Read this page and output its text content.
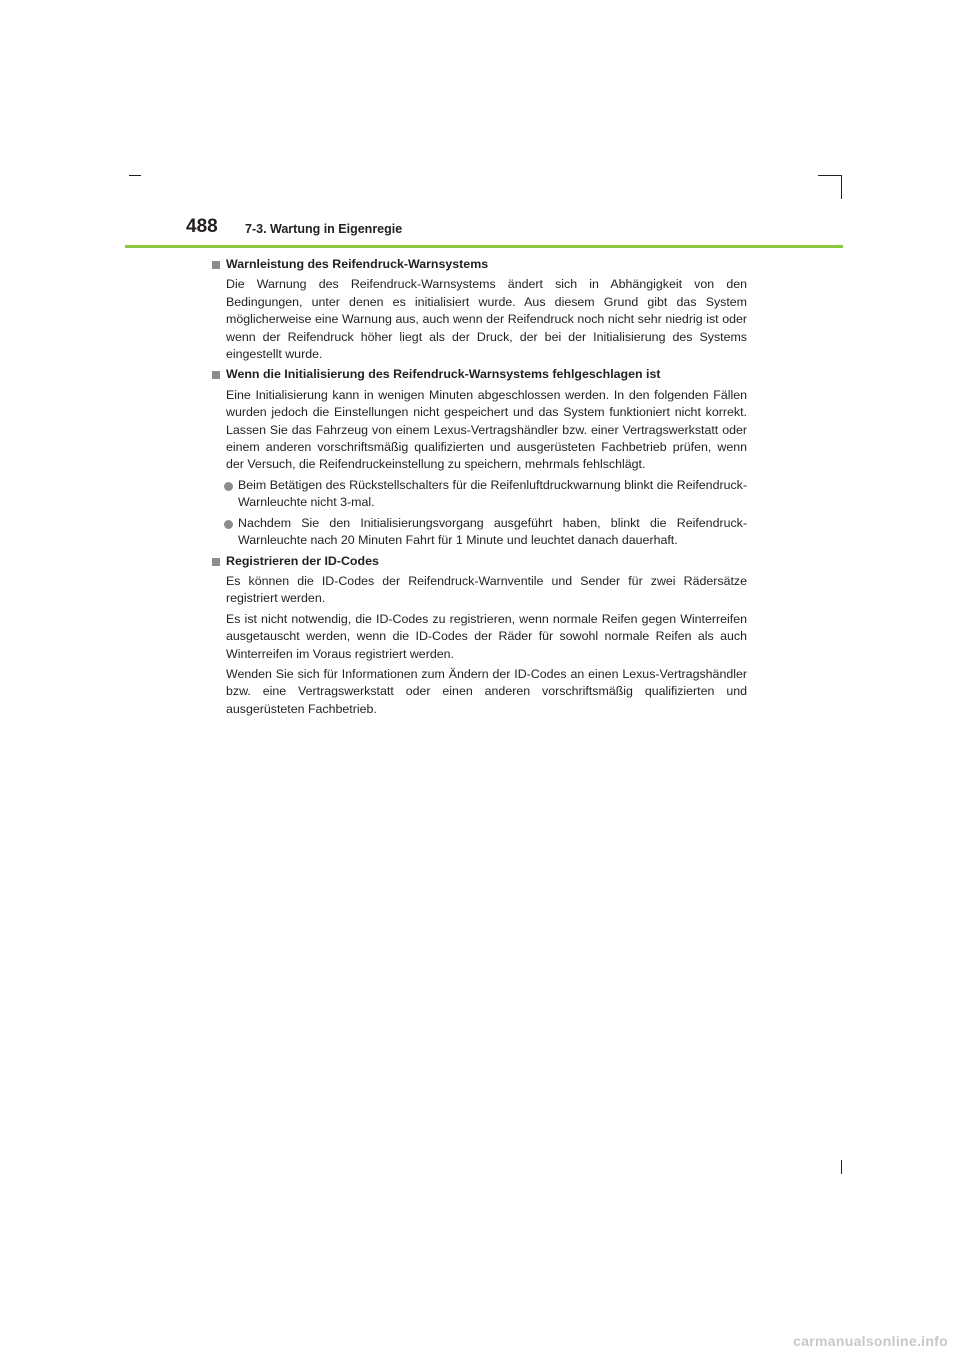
488 7-3. Wartung in Eigenregie
Warnleistung des Reifendruck-Warnsystems

Die Warnung des Reifendruck-Warnsystems ändert sich in Abhängigkeit von den Bedingungen, unter denen es initialisiert wurde. Aus diesem Grund gibt das System möglicherweise eine Warnung aus, auch wenn der Reifendruck noch nicht sehr niedrig ist oder wenn der Reifendruck höher liegt als der Druck, der bei der Initialisierung des Systems eingestellt wurde.

Wenn die Initialisierung des Reifendruck-Warnsystems fehlgeschlagen ist

Eine Initialisierung kann in wenigen Minuten abgeschlossen werden. In den folgenden Fällen wurden jedoch die Einstellungen nicht gespeichert und das System funktioniert nicht korrekt. Lassen Sie das Fahrzeug von einem Lexus-Vertragshändler bzw. einer Vertragswerkstatt oder einem anderen vorschriftsmäßig qualifizierten und ausgerüsteten Fachbetrieb prüfen, wenn der Versuch, die Reifendruckeinstellung zu speichern, mehrmals fehlschlägt.

Beim Betätigen des Rückstellschalters für die Reifenluftdruckwarnung blinkt die Reifendruck-Warnleuchte nicht 3-mal.
Nachdem Sie den Initialisierungsvorgang ausgeführt haben, blinkt die Reifendruck-Warnleuchte nach 20 Minuten Fahrt für 1 Minute und leuchtet danach dauerhaft.
Registrieren der ID-Codes

Es können die ID-Codes der Reifendruck-Warnventile und Sender für zwei Rädersätze registriert werden.

Es ist nicht notwendig, die ID-Codes zu registrieren, wenn normale Reifen gegen Winterreifen ausgetauscht werden, wenn die ID-Codes der Räder für sowohl normale Reifen als auch Winterreifen im Voraus registriert werden.

Wenden Sie sich für Informationen zum Ändern der ID-Codes an einen Lexus-Vertragshändler bzw. eine Vertragswerkstatt oder einen anderen vorschriftsmäßig qualifizierten und ausgerüsteten Fachbetrieb.

carmanualsonline.info
